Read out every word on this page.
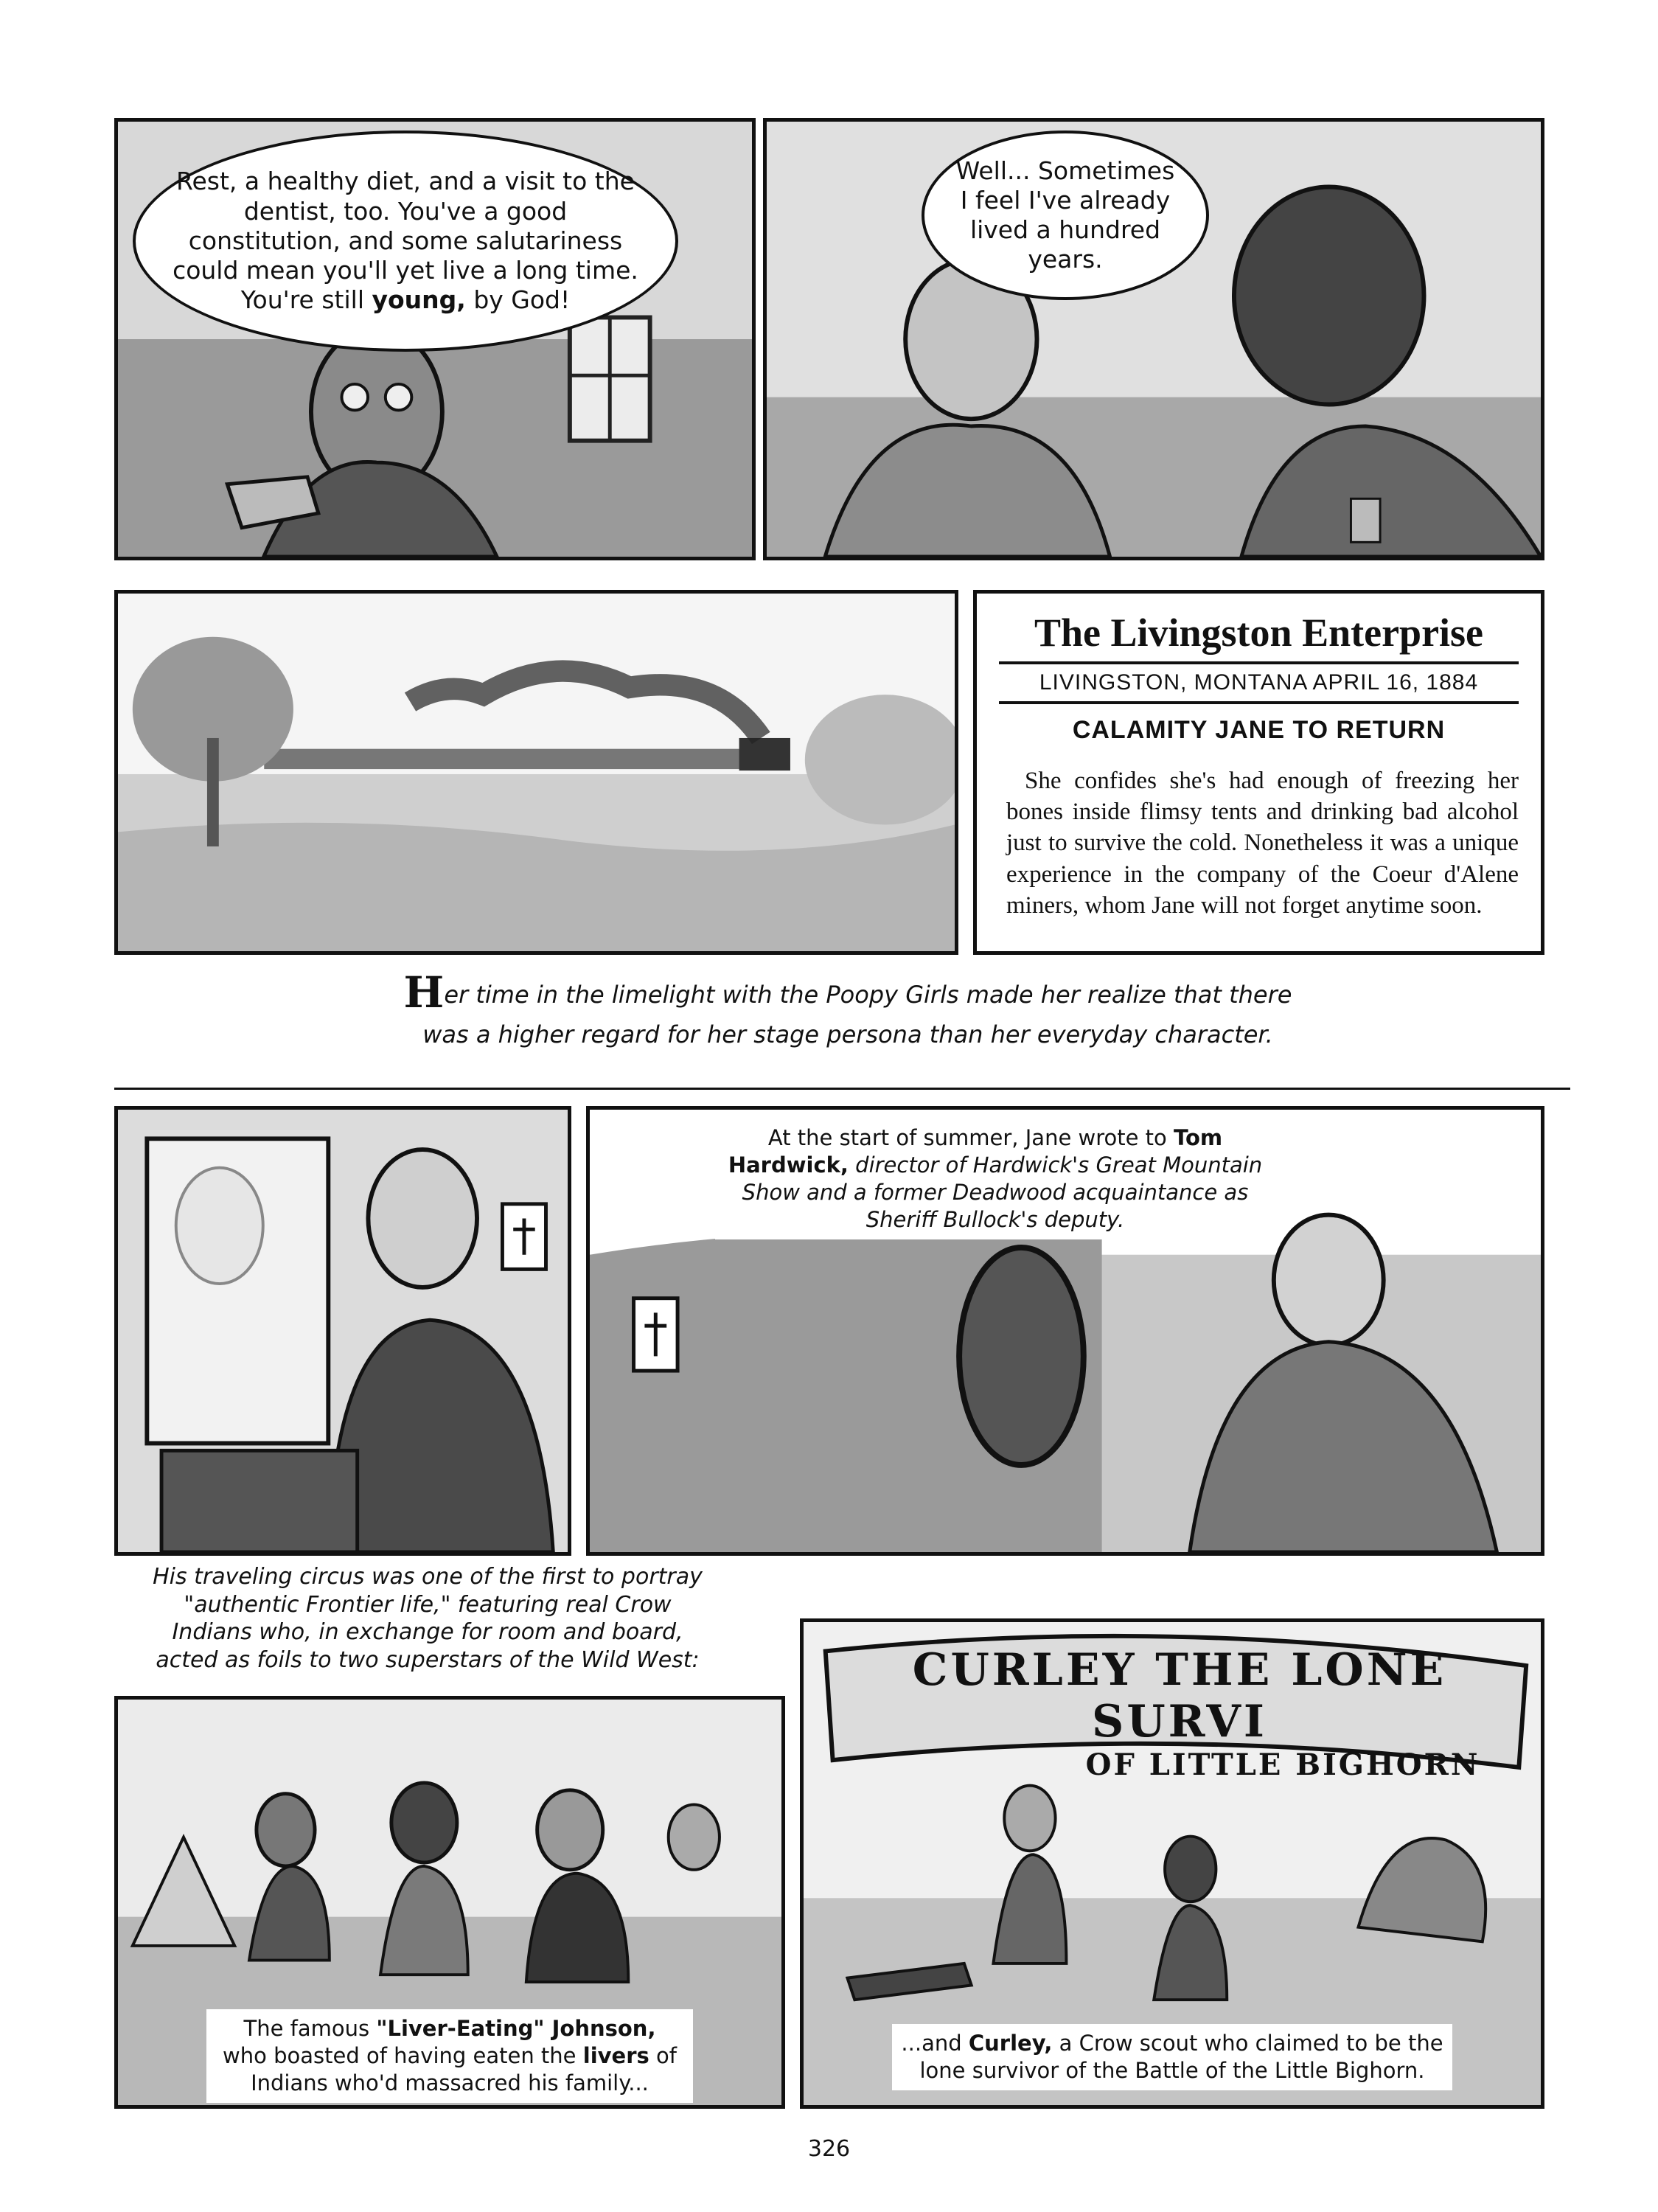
Rest, a healthy diet, and a visit to the dentist, too. You've a good constitution, and some salutariness could mean you'll yet live a long time. You're still young, by God!
Well... Sometimes I feel I've already lived a hundred years.
The Livingston Enterprise
LIVINGSTON, MONTANA APRIL 16, 1884
CALAMITY JANE TO RETURN
She confides she's had enough of freezing her bones inside flimsy tents and drinking bad alcohol just to survive the cold. Nonetheless it was a unique experience in the company of the Coeur d'Alene miners, whom Jane will not forget anytime soon.
Her time in the limelight with the Poopy Girls made her realize that there
was a higher regard for her stage persona than her everyday character.
At the start of summer, Jane wrote to Tom Hardwick, director of Hardwick's Great Mountain Show and a former Deadwood acquaintance as Sheriff Bullock's deputy.
His traveling circus was one of the first to portray "authentic Frontier life," featuring real Crow Indians who, in exchange for room and board, acted as foils to two superstars of the Wild West:
The famous "Liver-Eating" Johnson,
who boasted of having eaten the livers of Indians who'd massacred his family...
CURLEY THE LONE SURVI
OF LITTLE BIGHORN
...and Curley, a Crow scout who claimed to be the lone survivor of the Battle of the Little Bighorn.
326
